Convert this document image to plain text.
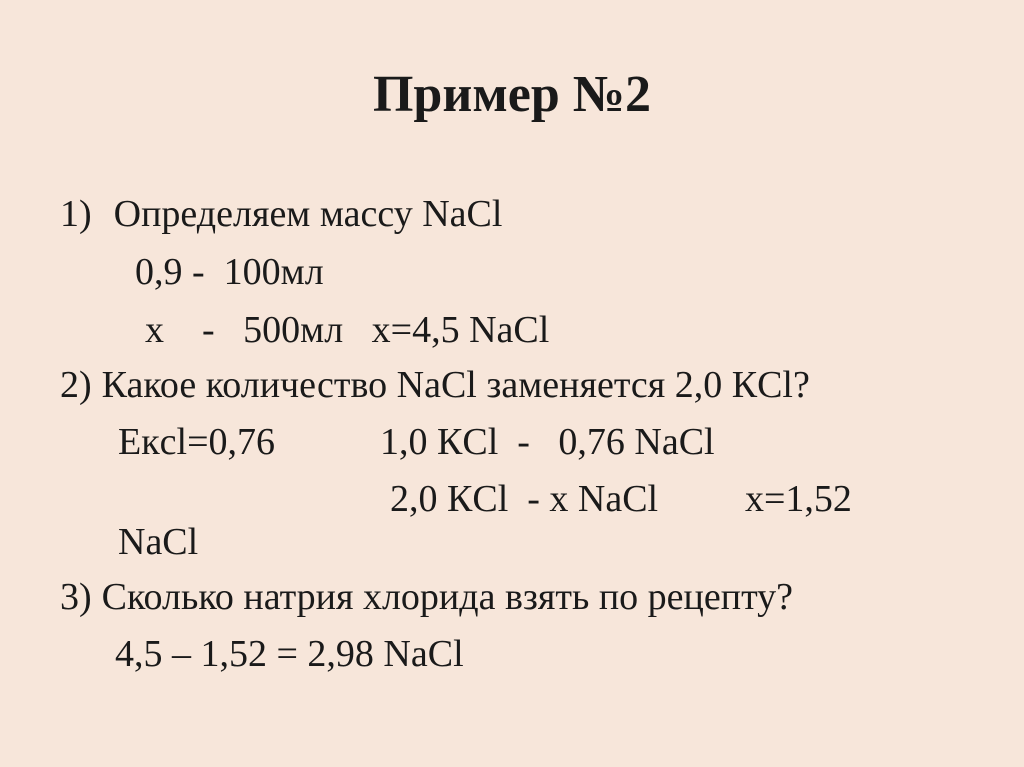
Пример №2
1) Определяем массу NaCl
0,9 -  100мл
х    -   500мл   х=4,5 NaCl
2) Какое количество NaCl заменяется 2,0 КCl?
Екcl=0,76	1,0 КCl  -   0,76 NaCl
2,0 КCl  - х NaCl х=1,52
NaCl
3) Сколько натрия хлорида взять по рецепту?
4,5 – 1,52 = 2,98 NaCl
